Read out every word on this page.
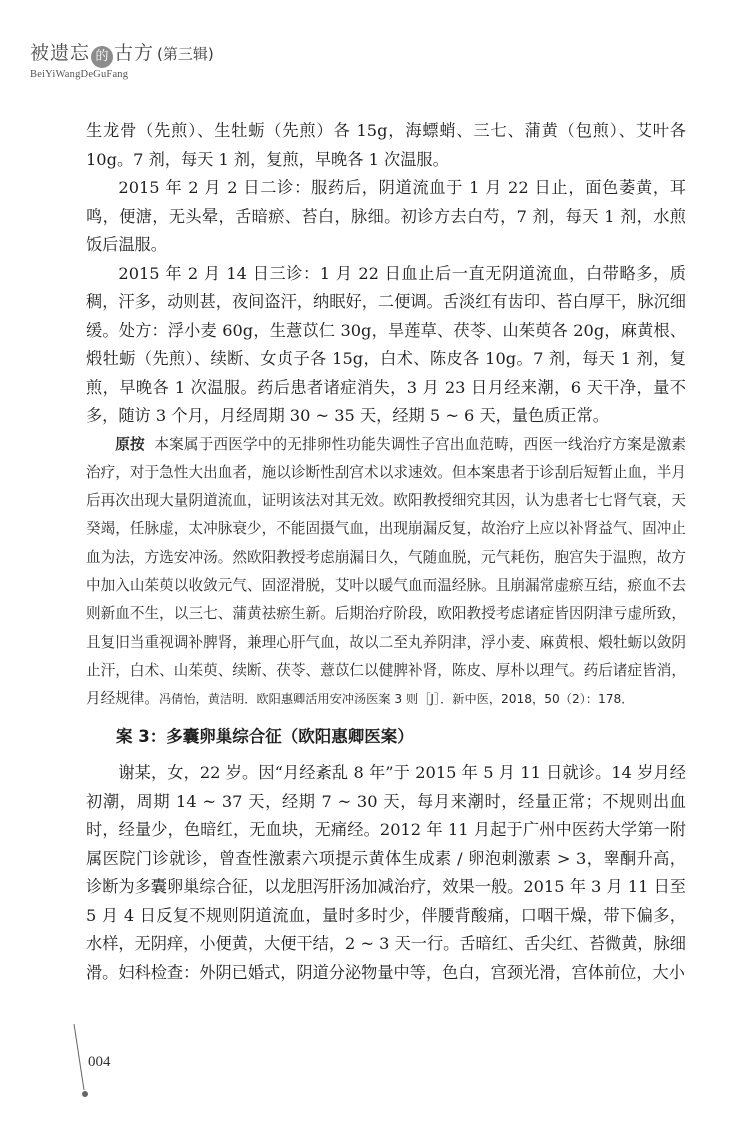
被遗忘 的 古方 (第三辑)
BeiYiWangDeGuFang

生龙骨（先煎）、生牡蛎（先煎）各 15g，海螵蛸、三七、蒲黄（包煎）、艾叶各 10g。7 剂，每天 1 剂，复煎，早晚各 1 次温服。

2015 年 2 月 2 日二诊：服药后，阴道流血于 1 月 22 日止，面色萎黄，耳鸣，便溏，无头晕，舌暗瘀、苔白，脉细。初诊方去白芍，7 剂，每天 1 剂，水煎饭后温服。

2015 年 2 月 14 日三诊：1 月 22 日血止后一直无阴道流血，白带略多，质稠，汗多，动则甚，夜间盗汗，纳眠好，二便调。舌淡红有齿印、苔白厚干，脉沉细缓。处方：浮小麦 60g，生薏苡仁 30g，旱莲草、茯苓、山茱萸各 20g，麻黄根、煅牡蛎（先煎）、续断、女贞子各 15g，白术、陈皮各 10g。7 剂，每天 1 剂，复煎，早晚各 1 次温服。药后患者诸症消失，3 月 23 日月经来潮，6 天干净，量不多，随访 3 个月，月经周期 30 ~ 35 天，经期 5 ~ 6 天，量色质正常。

原按 本案属于西医学中的无排卵性功能失调性子宫出血范畴，西医一线治疗方案是激素治疗，对于急性大出血者，施以诊断性刮宫术以求速效。但本案患者于诊刮后短暂止血，半月后再次出现大量阴道流血，证明该法对其无效。欧阳教授细究其因，认为患者七七肾气衰，天癸竭，任脉虚，太冲脉衰少，不能固摄气血，出现崩漏反复，故治疗上应以补肾益气、固冲止血为法，方选安冲汤。然欧阳教授考虑崩漏日久，气随血脱，元气耗伤，胞宫失于温煦，故方中加入山茱萸以收敛元气、固涩滑脱，艾叶以暖气血而温经脉。且崩漏常虚瘀互结，瘀血不去则新血不生，以三七、蒲黄祛瘀生新。后期治疗阶段，欧阳教授考虑诸症皆因阴津亏虚所致，且复旧当重视调补脾肾，兼理心肝气血，故以二至丸养阴津，浮小麦、麻黄根、煅牡蛎以敛阴止汗，白术、山茱萸、续断、茯苓、薏苡仁以健脾补肾，陈皮、厚朴以理气。药后诸症皆消，月经规律。冯倩怡，黄洁明．欧阳惠卿活用安冲汤医案 3 则［J］．新中医，2018，50（2）：178．

案 3：多囊卵巢综合征（欧阳惠卿医案）

谢某，女，22 岁。因“月经紊乱 8 年”于 2015 年 5 月 11 日就诊。14 岁月经初潮，周期 14 ~ 37 天，经期 7 ~ 30 天，每月来潮时，经量正常；不规则出血时，经量少，色暗红，无血块，无痛经。2012 年 11 月起于广州中医药大学第一附属医院门诊就诊，曾查性激素六项提示黄体生成素 / 卵泡刺激素 > 3，睾酮升高，诊断为多囊卵巢综合征，以龙胆泻肝汤加减治疗，效果一般。2015 年 3 月 11 日至 5 月 4 日反复不规则阴道流血，量时多时少，伴腰背酸痛，口咽干燥，带下偏多，水样，无阴痒，小便黄，大便干结，2 ~ 3 天一行。舌暗红、舌尖红、苔微黄，脉细滑。妇科检查：外阴已婚式，阴道分泌物量中等，色白，宫颈光滑，宫体前位，大小

004
